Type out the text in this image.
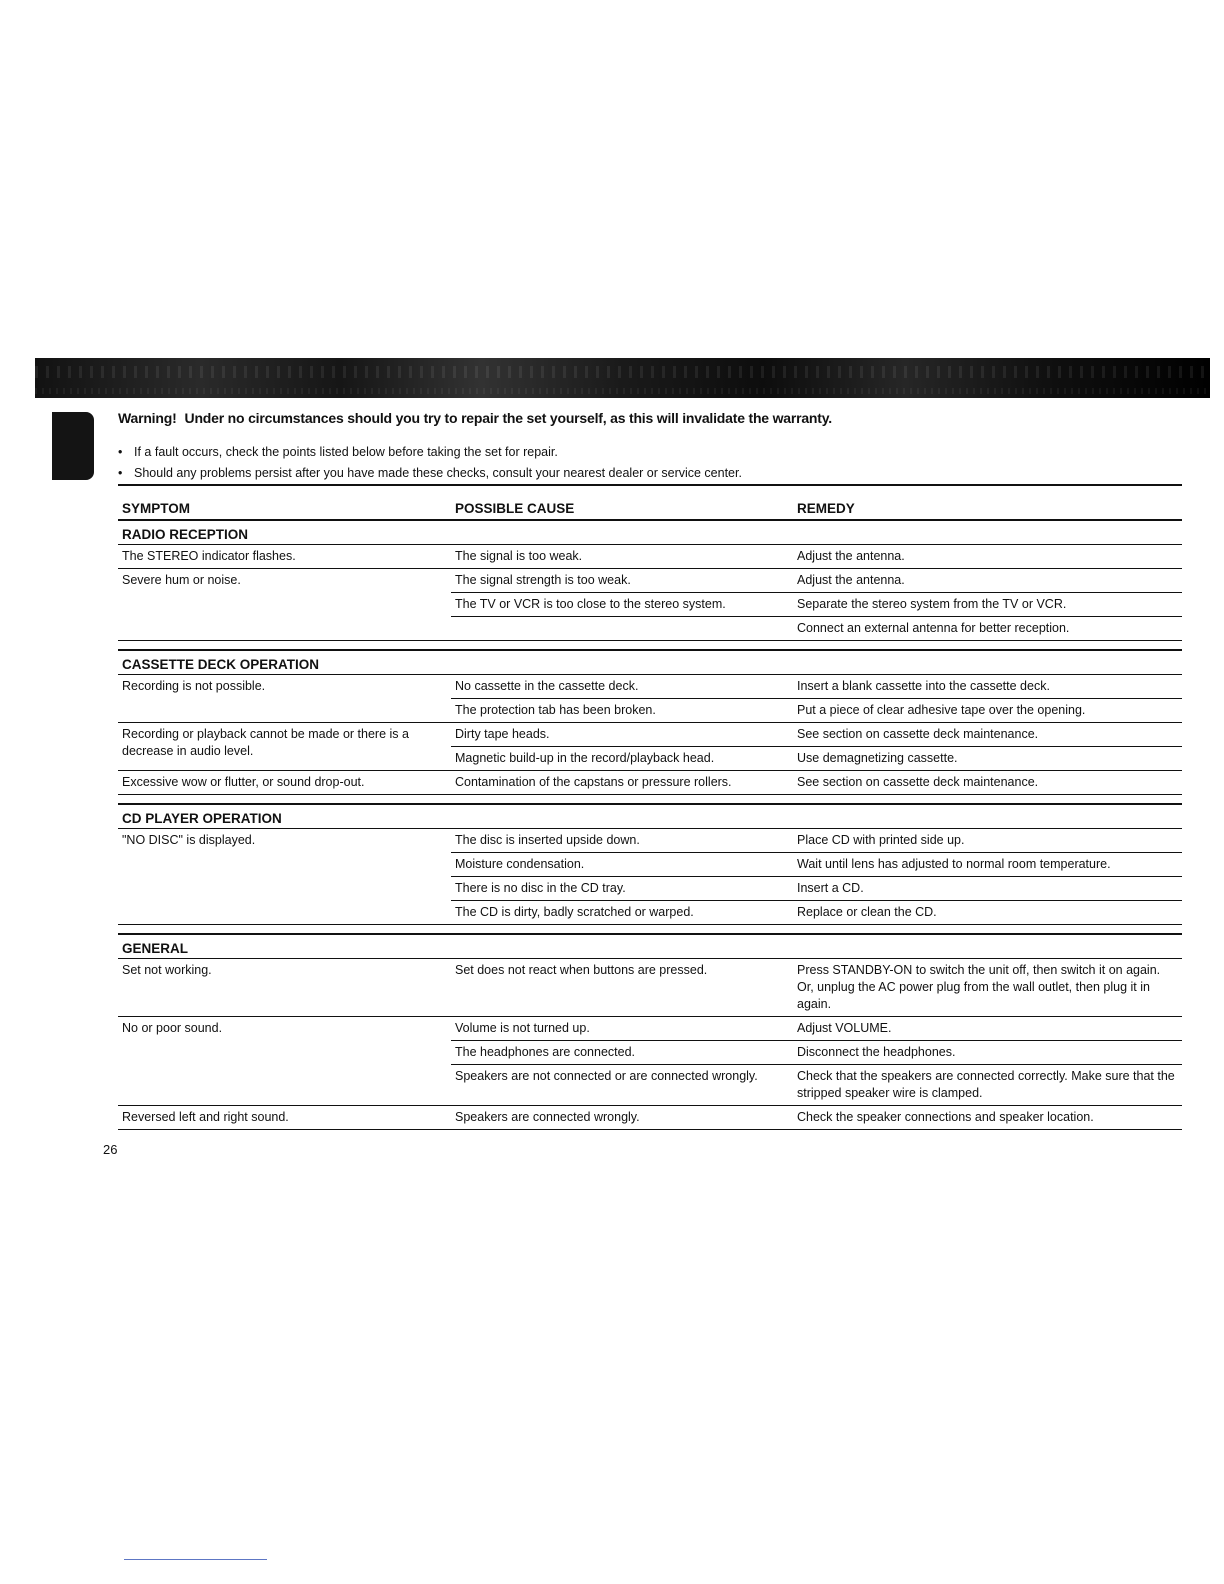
Warning! Under no circumstances should you try to repair the set yourself, as this will invalidate the warranty.
• If a fault occurs, check the points listed below before taking the set for repair.
• Should any problems persist after you have made these checks, consult your nearest dealer or service center.
SYMPTOM	POSSIBLE CAUSE	REMEDY
RADIO RECEPTION		
The STEREO indicator flashes.	The signal is too weak.	Adjust the antenna.
Severe hum or noise.	The signal strength is too weak.	Adjust the antenna.
	The TV or VCR is too close to the stereo system.	Separate the stereo system from the TV or VCR.
		Connect an external antenna for better reception.

CASSETTE DECK OPERATION		
Recording is not possible.	No cassette in the cassette deck.	Insert a blank cassette into the cassette deck.
	The protection tab has been broken.	Put a piece of clear adhesive tape over the opening.
Recording or playback cannot be made or there is a decrease in audio level.	Dirty tape heads.	See section on cassette deck maintenance.
	Magnetic build-up in the record/playback head.	Use demagnetizing cassette.
Excessive wow or flutter, or sound drop-out.	Contamination of the capstans or pressure rollers.	See section on cassette deck maintenance.

CD PLAYER OPERATION		
"NO DISC" is displayed.	The disc is inserted upside down.	Place CD with printed side up.
	Moisture condensation.	Wait until lens has adjusted to normal room temperature.
	There is no disc in the CD tray.	Insert a CD.
	The CD is dirty, badly scratched or warped.	Replace or clean the CD.

GENERAL		
Set not working.	Set does not react when buttons are pressed.	Press STANDBY-ON to switch the unit off, then switch it on again. Or, unplug the AC power plug from the wall outlet, then plug it in again.
No or poor sound.	Volume is not turned up.	Adjust VOLUME.
	The headphones are connected.	Disconnect the headphones.
	Speakers are not connected or are connected wrongly.	Check that the speakers are connected correctly. Make sure that the stripped speaker wire is clamped.
Reversed left and right sound.	Speakers are connected wrongly.	Check the speaker connections and speaker location.
26
